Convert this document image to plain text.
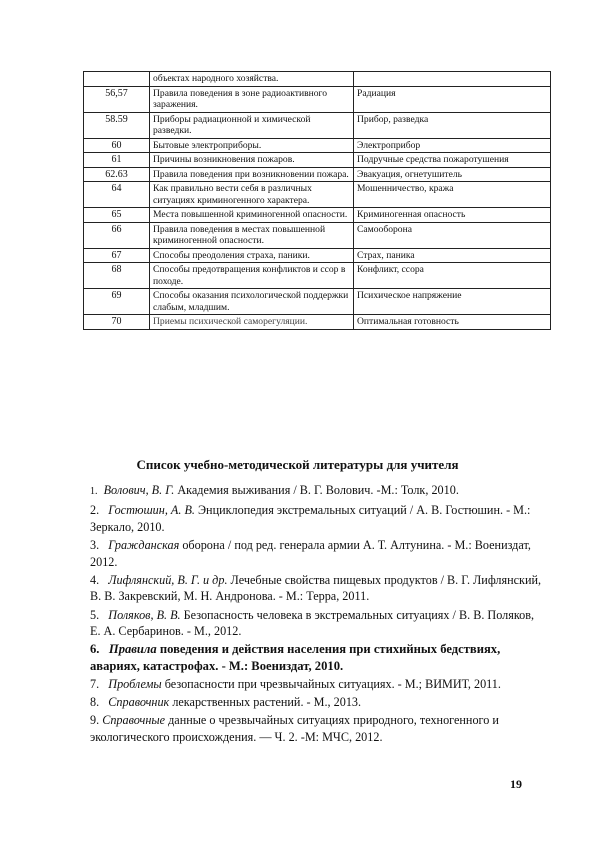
	объектах народного хозяйства.	
56,57	Правила поведения в зоне радиоактивного заражения.	Радиация
58.59	Приборы радиационной и химической разведки.	Прибор, разведка
60	Бытовые электроприборы.	Электроприбор
61	Причины возникновения пожаров.	Подручные средства пожаротушения
62.63	Правила поведения при возникновении пожара.	Эвакуация, огнетушитель
64	Как правильно вести себя в различных ситуациях криминогенного характера.	Мошенничество, кража
65	Места повышенной криминогенной опасности.	Криминогенная опасность
66	Правила поведения в местах повышенной криминогенной опасности.	Самооборона
67	Способы преодоления страха, паники.	Страх, паника
68	Способы предотвращения конфликтов и ссор в походе.	Конфликт, ссора
69	Способы оказания психологической поддержки слабым, младшим.	Психическое напряжение
70	Приемы психической саморегуляции.	Оптимальная готовность
Список учебно-методической литературы для учителя

1. Волович, В. Г. Академия выживания / В. Г. Волович. -М.: Толк, 2010.

2. Гостюшин, А. В. Энциклопедия экстремальных ситуаций / А. В. Гостюшин. - М.: Зеркало, 2010.

3. Гражданская оборона / под ред. генерала армии А. Т. Алтунина. - М.: Воениздат, 2012.

4. Лифлянский, В. Г. и др. Лечебные свойства пищевых продуктов / В. Г. Лифлянский, В. В. Закревский, М. Н. Андронова. - М.: Терра, 2011.

5. Поляков, В. В. Безопасность человека в экстремальных ситуациях / В. В. Поляков, Е. А. Сербаринов. - М., 2012.

6. Правила поведения и действия населения при стихийных бедствиях, авариях, катастрофах. - М.: Воениздат, 2010.

7. Проблемы безопасности при чрезвычайных ситуациях. - М.; ВИМИТ, 2011.

8. Справочник лекарственных растений. - М., 2013.

9. Справочные данные о чрезвычайных ситуациях природного, техногенного и экологического происхождения. — Ч. 2. -М: МЧС, 2012.

19
